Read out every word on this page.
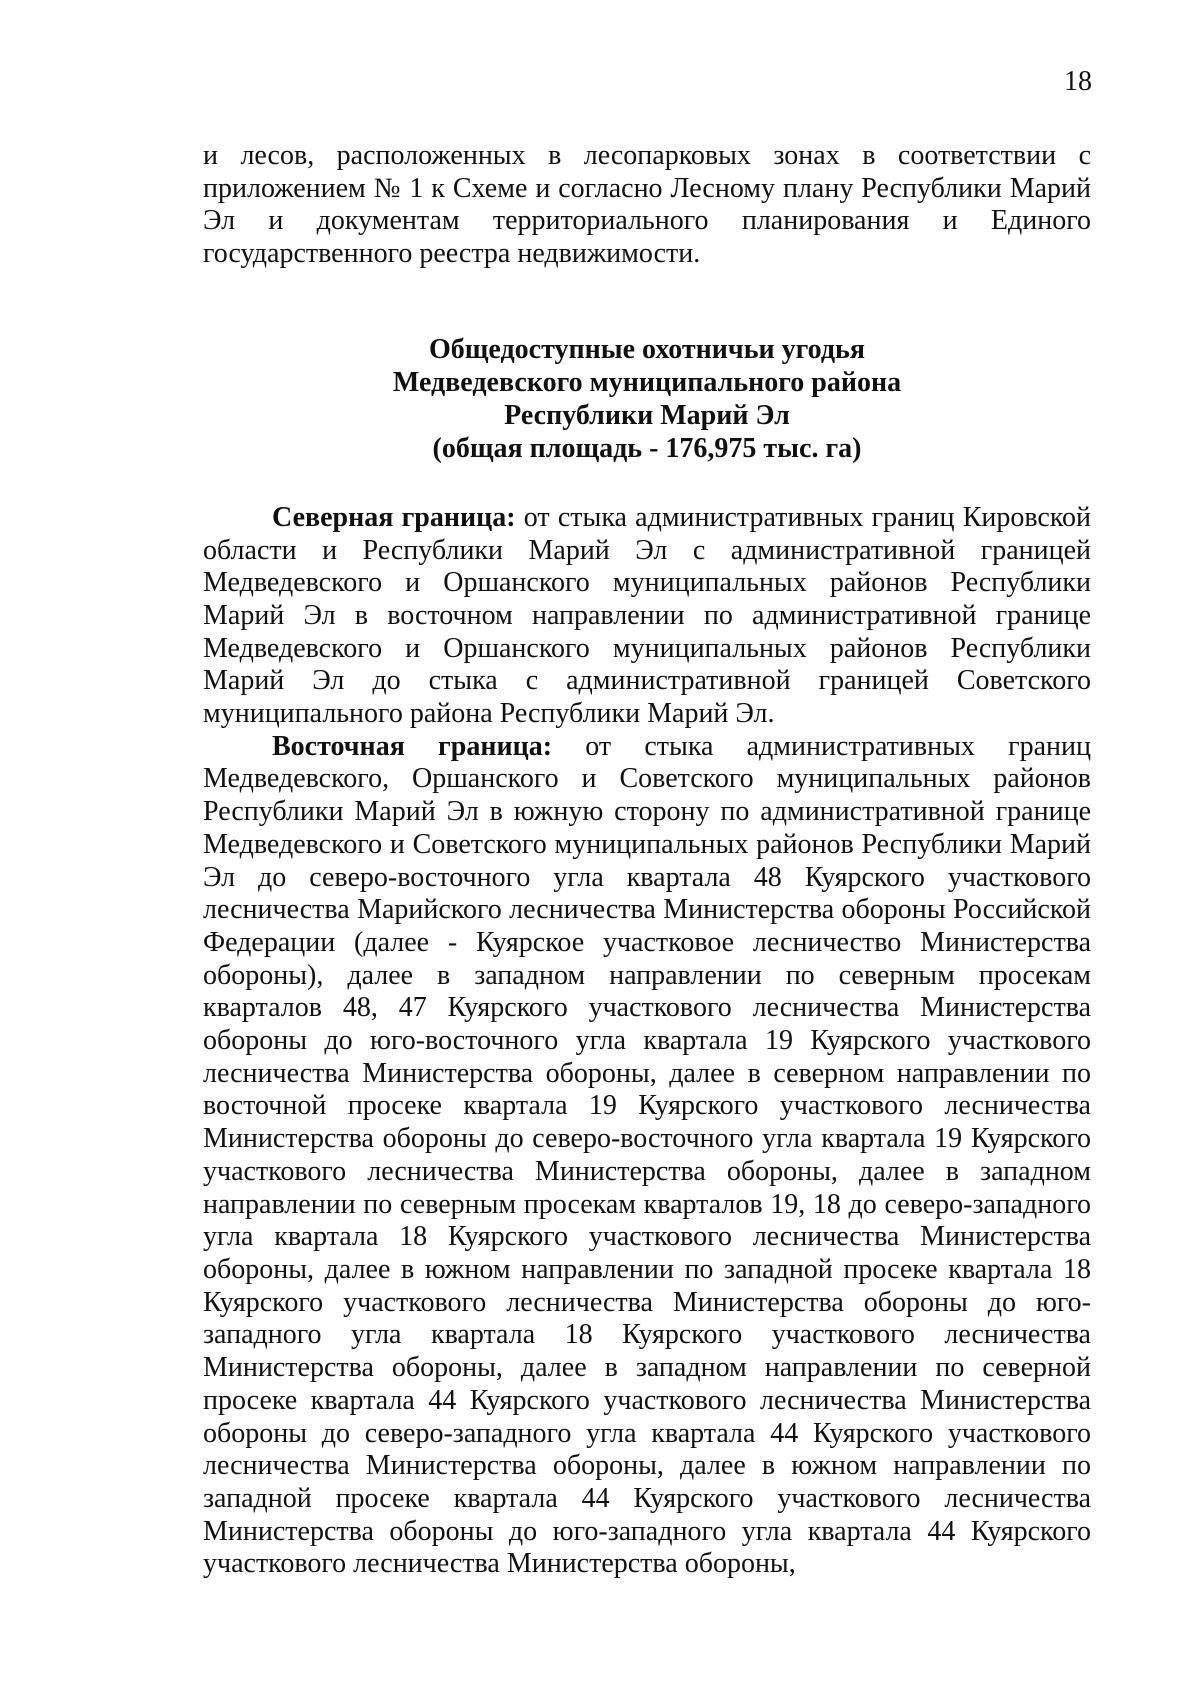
18

и лесов, расположенных в лесопарковых зонах в соответствии с приложением № 1 к Схеме и согласно Лесному плану Республики Марий Эл и документам территориального планирования и Единого государственного реестра недвижимости.

Общедоступные охотничьи угодья
Медведевского муниципального района
Республики Марий Эл
(общая площадь - 176,975 тыс. га)

Северная граница: от стыка административных границ Кировской области и Республики Марий Эл с административной границей Медведевского и Оршанского муниципальных районов Республики Марий Эл в восточном направлении по административной границе Медведевского и Оршанского муниципальных районов Республики Марий Эл до стыка с административной границей Советского муниципального района Республики Марий Эл.

Восточная граница: от стыка административных границ Медведевского, Оршанского и Советского муниципальных районов Республики Марий Эл в южную сторону по административной границе Медведевского и Советского муниципальных районов Республики Марий Эл до северо-восточного угла квартала 48 Куярского участкового лесничества Марийского лесничества Министерства обороны Российской Федерации (далее - Куярское участковое лесничество Министерства обороны), далее в западном направлении по северным просекам кварталов 48, 47 Куярского участкового лесничества Министерства обороны до юго-восточного угла квартала 19 Куярского участкового лесничества Министерства обороны, далее в северном направлении по восточной просеке квартала 19 Куярского участкового лесничества Министерства обороны до северо-восточного угла квартала 19 Куярского участкового лесничества Министерства обороны, далее в западном направлении по северным просекам кварталов 19, 18 до северо-западного угла квартала 18 Куярского участкового лесничества Министерства обороны, далее в южном направлении по западной просеке квартала 18 Куярского участкового лесничества Министерства обороны до юго-западного угла квартала 18 Куярского участкового лесничества Министерства обороны, далее в западном направлении по северной просеке квартала 44 Куярского участкового лесничества Министерства обороны до северо-западного угла квартала 44 Куярского участкового лесничества Министерства обороны, далее в южном направлении по западной просеке квартала 44 Куярского участкового лесничества Министерства обороны до юго-западного угла квартала 44 Куярского участкового лесничества Министерства обороны,
